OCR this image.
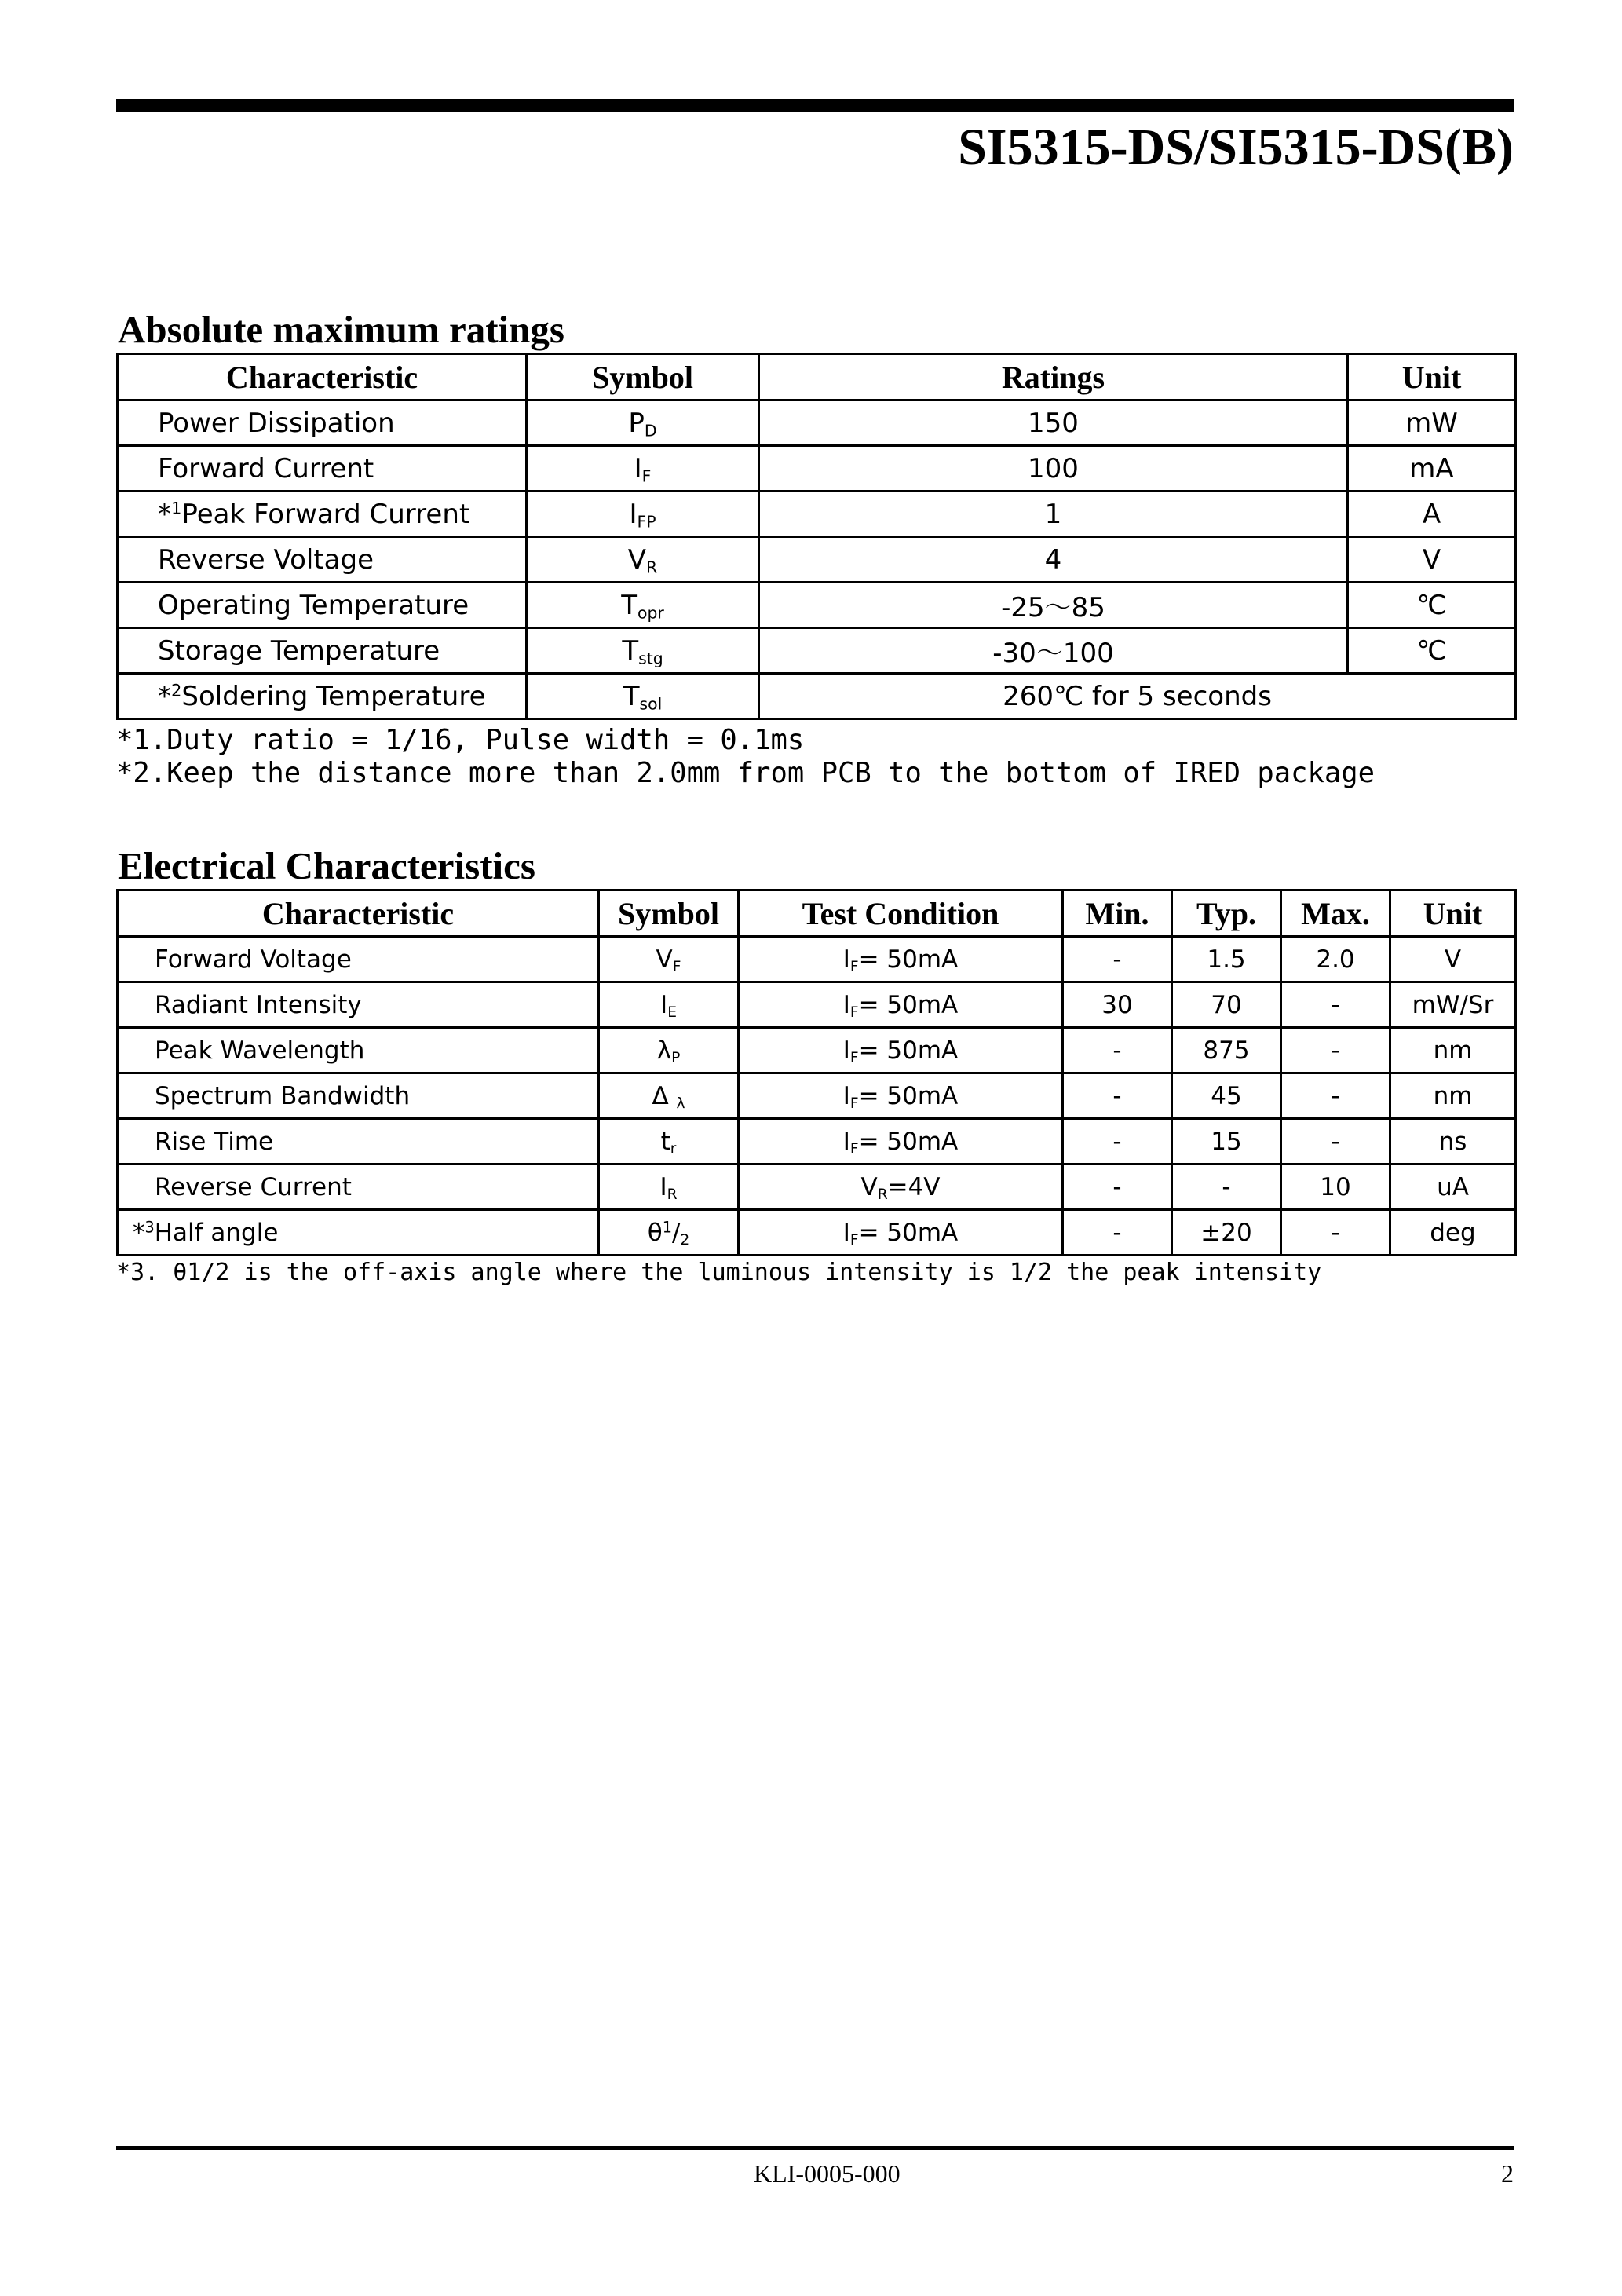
SI5315-DS/SI5315-DS(B)
Absolute maximum ratings
Characteristic	Symbol	Ratings	Unit
Power Dissipation	$P_D$	150	mW
Forward Current	$I_F$	100	mA
*$^1$Peak Forward Current	$I_{FP}$	1	A
Reverse Voltage	$V_R$	4	V
Operating Temperature	$T_{opr}$	-25～85	℃
Storage Temperature	$T_{stg}$	-30～100	℃
*$^2$Soldering Temperature	$T_{sol}$	260℃ for 5 seconds	
*1.Duty ratio = 1/16, Pulse width = 0.1ms
*2.Keep the distance more than 2.0mm from PCB to the bottom of IRED package
Electrical Characteristics
Characteristic	Symbol	Test Condition	Min.	Typ.	Max.	Unit
Forward Voltage	$V_F$	$I_F= 50mA$	-	1.5	2.0	V
Radiant Intensity	$I_E$	$I_F= 50mA$	30	70	-	mW/Sr
Peak Wavelength	$\lambda_P$	$I_F= 50mA$	-	875	-	nm
Spectrum Bandwidth	Δ $_\lambda$	$I_F= 50mA$	-	45	-	nm
Rise Time	$t_r$	$I_F= 50mA$	-	15	-	ns
Reverse Current	$I_R$	$V_R=4V$	-	-	10	uA
*$^3$Half angle	$\theta^1/_2$	$I_F= 50mA$	-	±20	-	deg
*3. θ1/2 is the off-axis angle where the luminous intensity is 1/2 the peak intensity
KLI-0005-000	2
